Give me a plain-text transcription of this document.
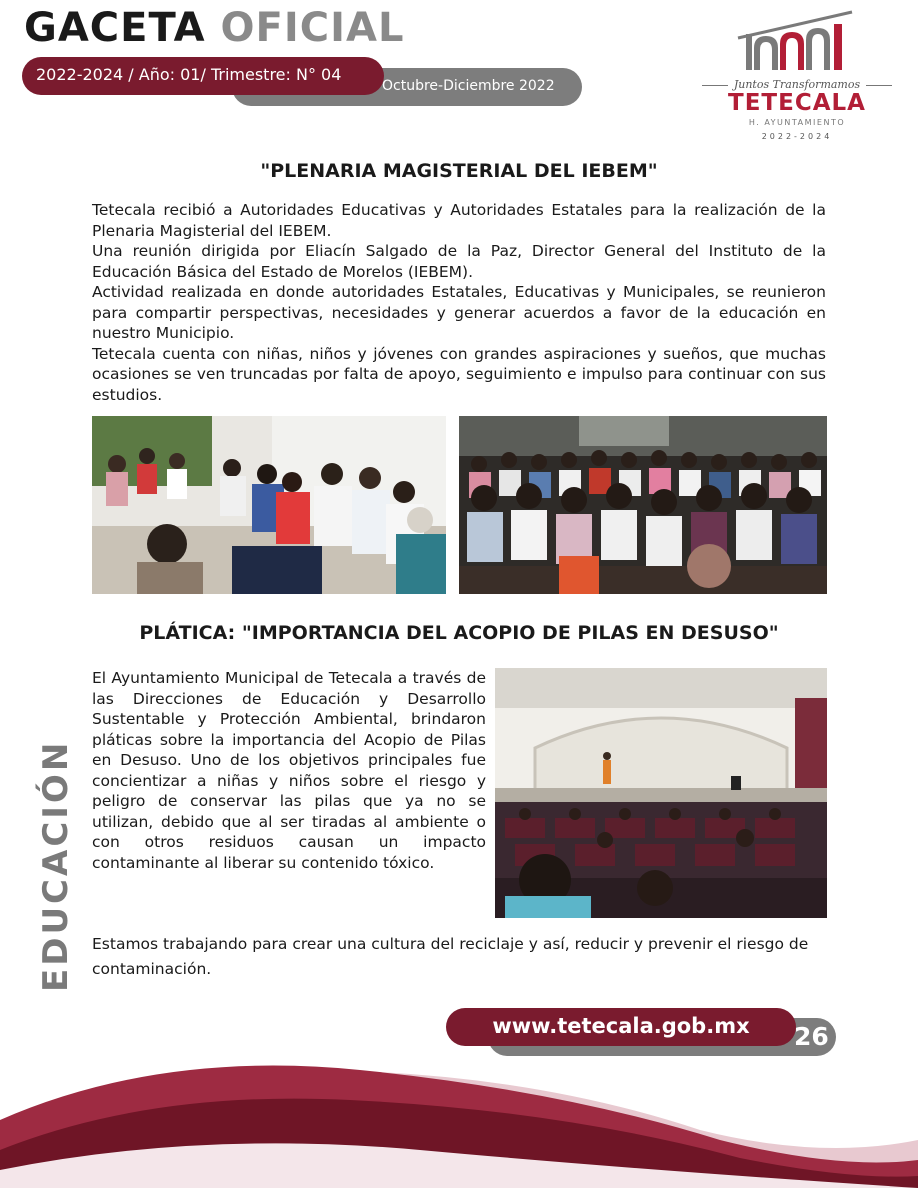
GACETA OFICIAL
Octubre-Diciembre 2022
2022-2024 / Año: 01/ Trimestre: N° 04
Juntos Transformamos
TETECALA
H. AYUNTAMIENTO
2022-2024
"PLENARIA MAGISTERIAL DEL IEBEM"
Tetecala recibió a Autoridades Educativas y Autoridades Estatales para la realización de la Plenaria Magisterial del IEBEM.
Una reunión dirigida por Eliacín Salgado de la Paz, Director General del Instituto de la Educación Básica del Estado de Morelos (IEBEM).
Actividad realizada en donde autoridades Estatales, Educativas y Municipales, se reunieron para compartir perspectivas, necesidades y generar acuerdos a favor de la educación en nuestro Municipio.
Tetecala cuenta con niñas, niños y jóvenes con grandes aspiraciones y sueños, que muchas ocasiones se ven truncadas por falta de apoyo, seguimiento e impulso para continuar con sus estudios.
PLÁTICA: "IMPORTANCIA DEL ACOPIO DE PILAS EN DESUSO"
El Ayuntamiento Municipal de Tetecala a través de las Direcciones de Educación y Desarrollo Sustentable y Protección Ambiental, brindaron pláticas sobre la importancia del Acopio de Pilas en Desuso. Uno de los objetivos principales fue concientizar a niñas y niños sobre el riesgo y peligro de conservar las pilas que ya no se utilizan, debido que al ser tiradas al ambiente o con otros residuos causan un impacto contaminante al liberar su contenido tóxico.
Estamos trabajando para crear una cultura del reciclaje y así, reducir y prevenir el riesgo de contaminación.
EDUCACIÓN
www.tetecala.gob.mx	26
